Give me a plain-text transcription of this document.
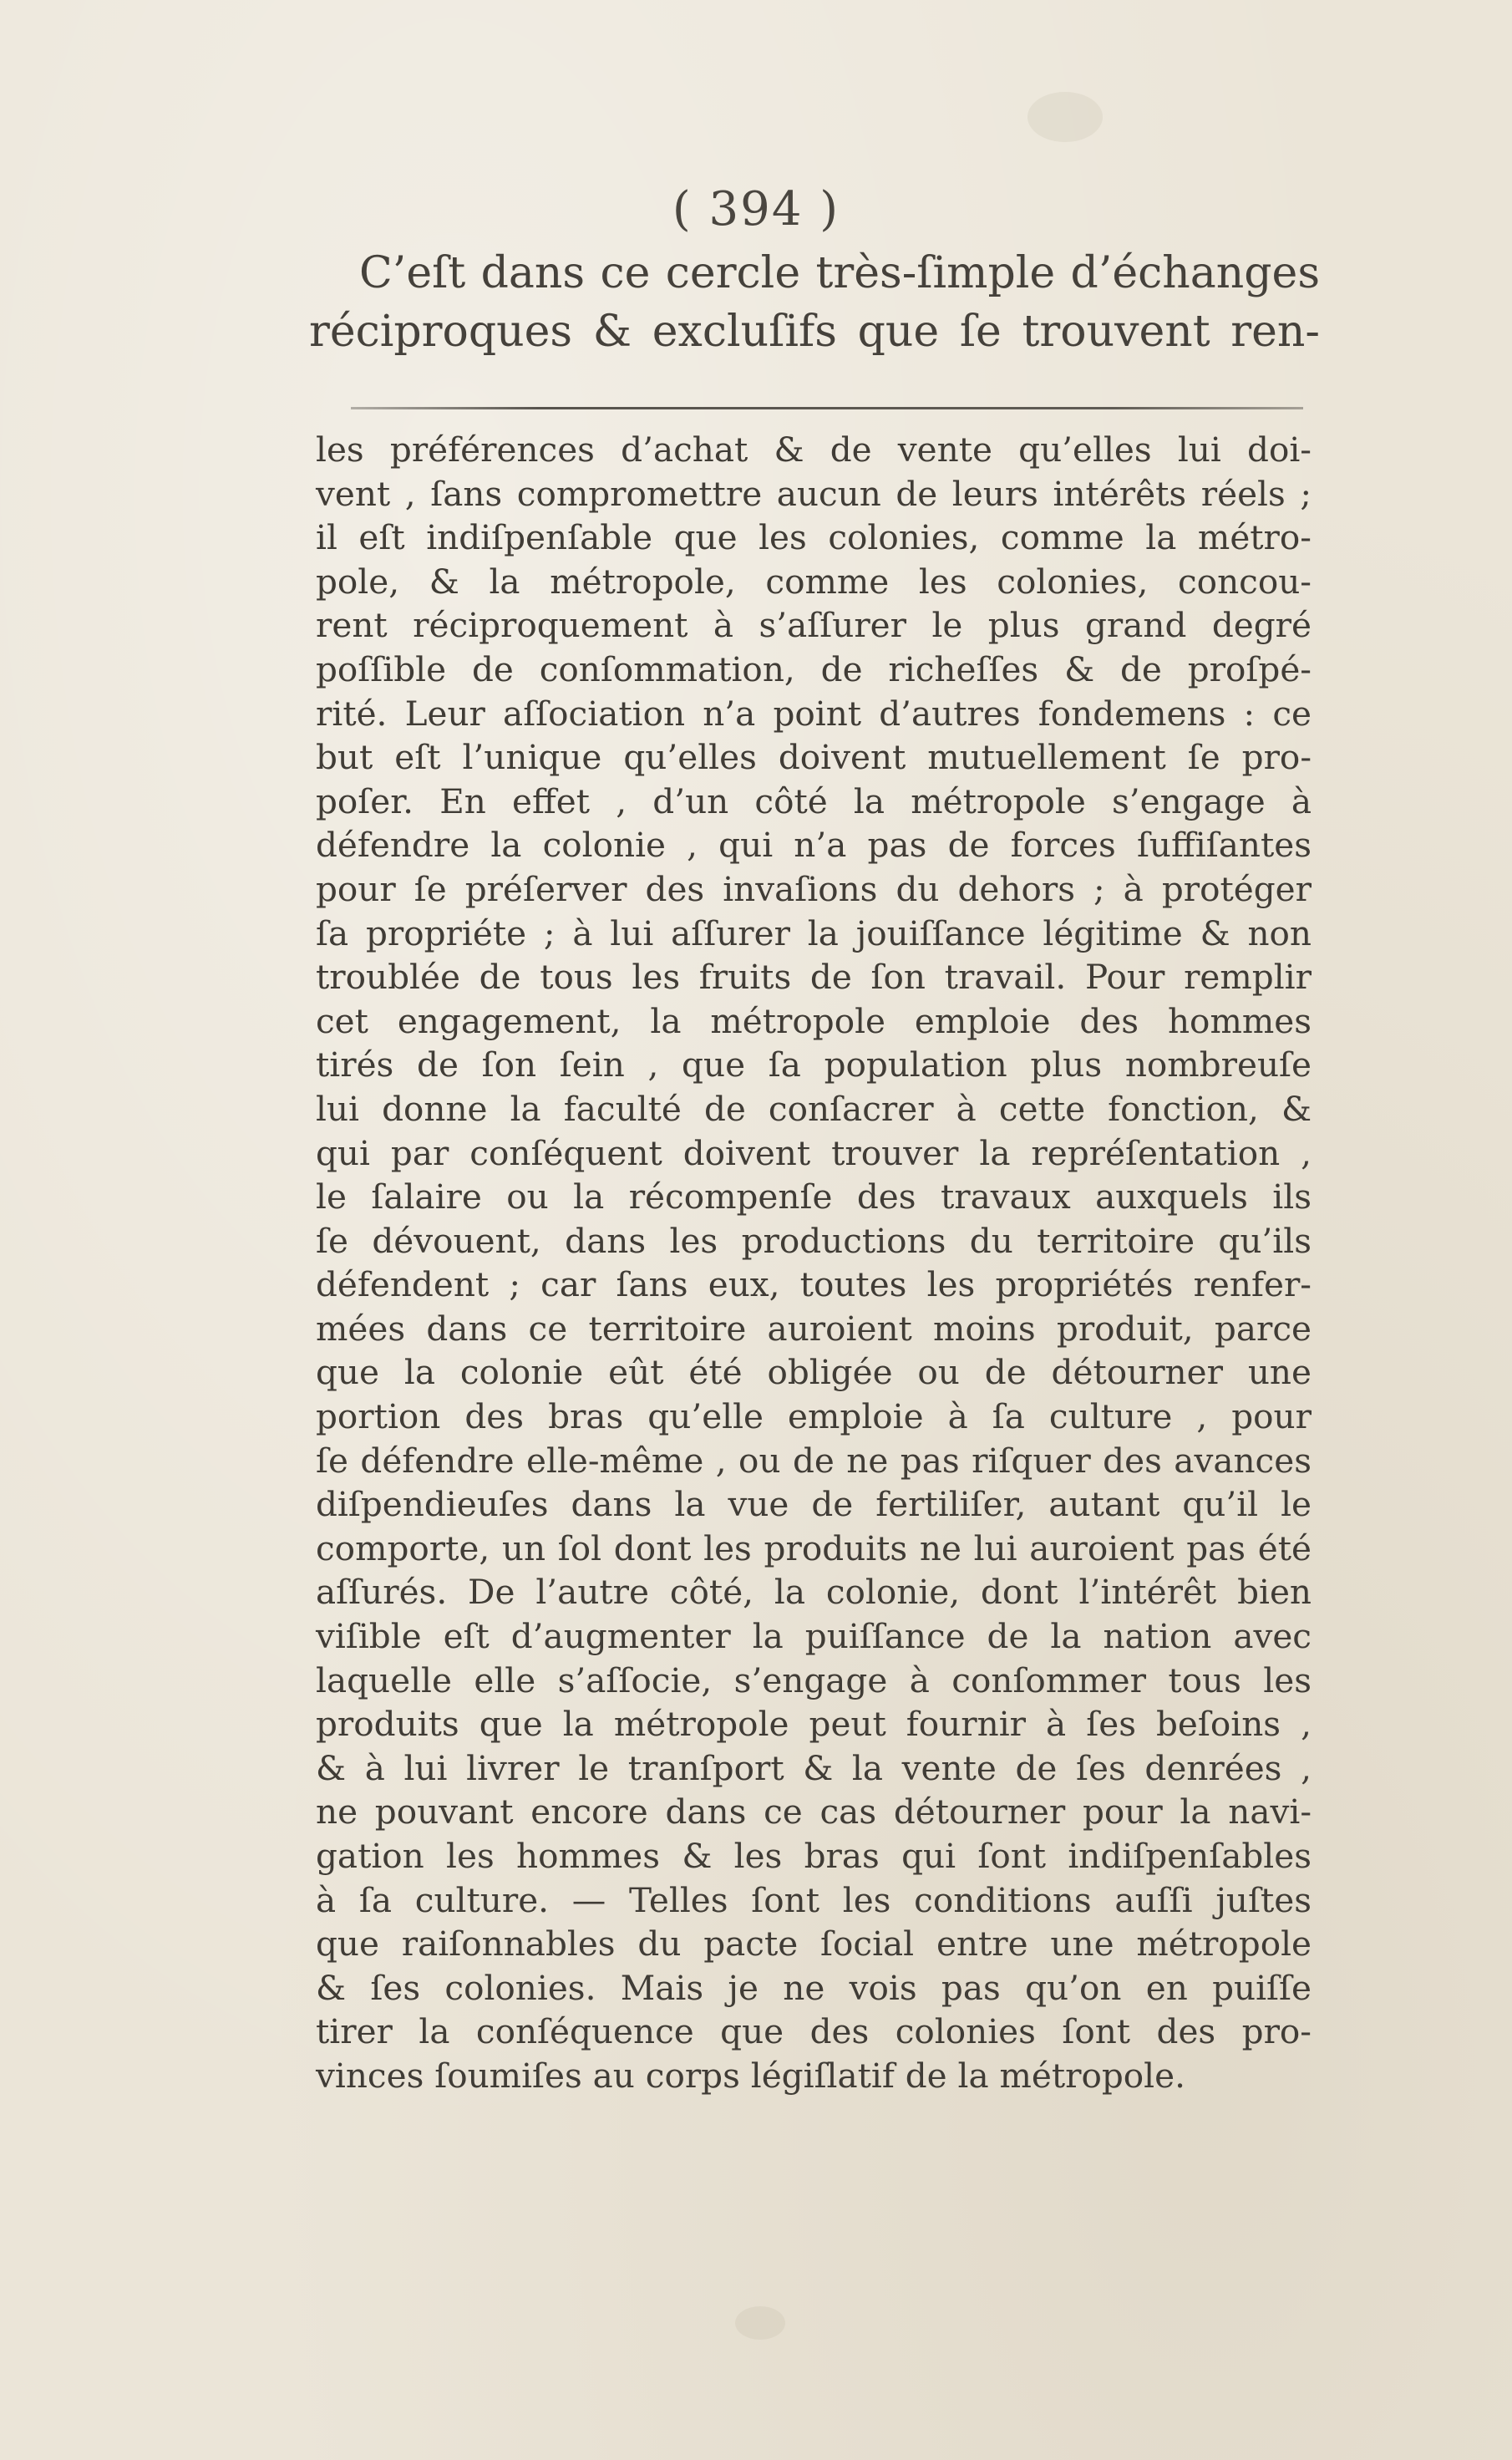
( 394 )
C’eſt dans ce cercle très-ſimple d’échanges
réciproques & excluſifs que ſe trouvent ren-
les préférences d’achat & de vente qu’elles lui doi-
vent , ſans compromettre aucun de leurs intérêts réels ;
il eſt indiſpenſable que les colonies, comme la métro-
pole, & la métropole, comme les colonies, concou-
rent réciproquement à s’aſſurer le plus grand degré
poſſible de conſommation, de richeſſes & de proſpé-
rité. Leur aſſociation n’a point d’autres fondemens : ce
but eſt l’unique qu’elles doivent mutuellement ſe pro-
poſer. En effet , d’un côté la métropole s’engage à
défendre la colonie , qui n’a pas de forces ſuffiſantes
pour ſe préſerver des invaſions du dehors ; à protéger
ſa propriéte ; à lui aſſurer la jouiſſance légitime & non
troublée de tous les fruits de ſon travail. Pour remplir
cet engagement, la métropole emploie des hommes
tirés de ſon ſein , que ſa population plus nombreuſe
lui donne la faculté de conſacrer à cette fonction, &
qui par conſéquent doivent trouver la repréſentation ,
le ſalaire ou la récompenſe des travaux auxquels ils
ſe dévouent, dans les productions du territoire qu’ils
défendent ; car ſans eux, toutes les propriétés renfer-
mées dans ce territoire auroient moins produit, parce
que la colonie eût été obligée ou de détourner une
portion des bras qu’elle emploie à ſa culture , pour
ſe défendre elle-même , ou de ne pas riſquer des avances
diſpendieuſes dans la vue de fertiliſer, autant qu’il le
comporte, un ſol dont les produits ne lui auroient pas été
aſſurés. De l’autre côté, la colonie, dont l’intérêt bien
viſible eſt d’augmenter la puiſſance de la nation avec
laquelle elle s’aſſocie, s’engage à conſommer tous les
produits que la métropole peut fournir à ſes beſoins ,
& à lui livrer le tranſport & la vente de ſes denrées ,
ne pouvant encore dans ce cas détourner pour la navi-
gation les hommes & les bras qui ſont indiſpenſables
à ſa culture. — Telles ſont les conditions auſſi juſtes
que raiſonnables du pacte ſocial entre une métropole
& ſes colonies. Mais je ne vois pas qu’on en puiſſe
tirer la conſéquence que des colonies ſont des pro-
vinces ſoumiſes au corps légiſlatif de la métropole.
